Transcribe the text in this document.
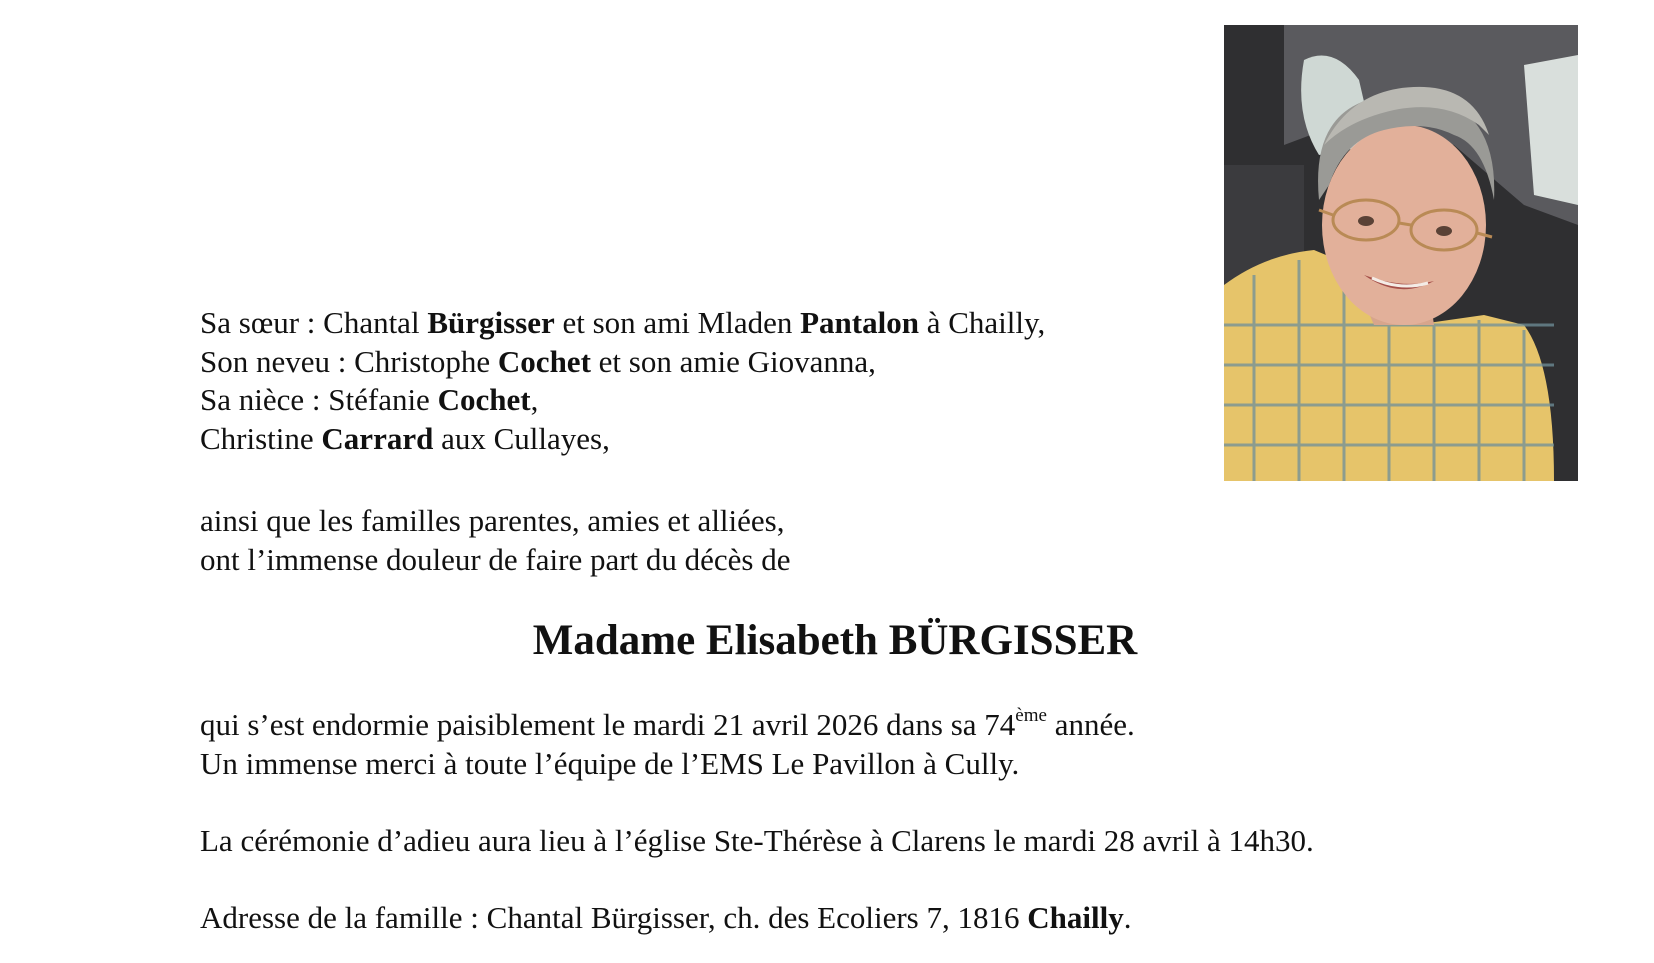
Sa sœur : Chantal Bürgisser et son ami Mladen Pantalon à Chailly,

Son neveu : Christophe Cochet et son amie Giovanna,

Sa nièce : Stéfanie Cochet,

Christine Carrard aux Cullayes,

ainsi que les familles parentes, amies et alliées,

ont l’immense douleur de faire part du décès de

Madame Elisabeth BÜRGISSER

qui s’est endormie paisiblement le mardi 21 avril 2026 dans sa 74ème année.

Un immense merci à toute l’équipe de l’EMS Le Pavillon à Cully.

La cérémonie d’adieu aura lieu à l’église Ste-Thérèse à Clarens le mardi 28 avril à 14h30.

Adresse de la famille : Chantal Bürgisser, ch. des Ecoliers 7, 1816 Chailly.
